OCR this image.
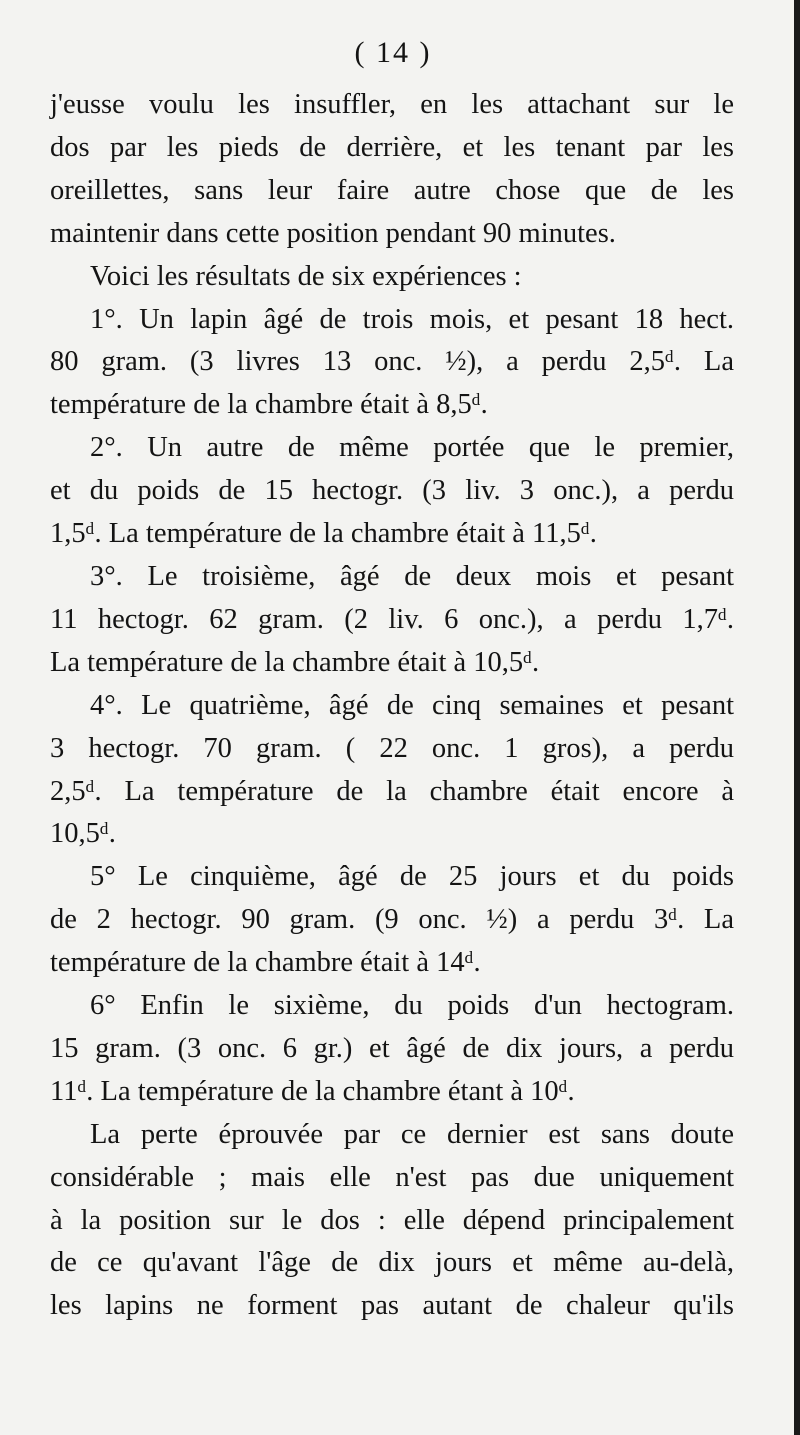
( 14 )
j'eusse voulu les insuffler, en les attachant sur le
dos par les pieds de derrière, et les tenant par les
oreillettes, sans leur faire autre chose que de les
maintenir dans cette position pendant 90 minutes.
Voici les résultats de six expériences :
1°. Un lapin âgé de trois mois, et pesant 18 hect.
80 gram. (3 livres 13 onc. ½), a perdu 2,5ᵈ. La
température de la chambre était à 8,5ᵈ.
2°. Un autre de même portée que le premier,
et du poids de 15 hectogr. (3 liv. 3 onc.), a perdu
1,5ᵈ. La température de la chambre était à 11,5ᵈ.
3°. Le troisième, âgé de deux mois et pesant
11 hectogr. 62 gram. (2 liv. 6 onc.), a perdu 1,7ᵈ.
La température de la chambre était à 10,5ᵈ.
4°. Le quatrième, âgé de cinq semaines et pesant
3 hectogr. 70 gram. ( 22 onc. 1 gros), a perdu
2,5ᵈ. La température de la chambre était encore à
10,5ᵈ.
5° Le cinquième, âgé de 25 jours et du poids
de 2 hectogr. 90 gram. (9 onc. ½) a perdu 3ᵈ. La
température de la chambre était à 14ᵈ.
6° Enfin le sixième, du poids d'un hectogram.
15 gram. (3 onc. 6 gr.) et âgé de dix jours, a perdu
11ᵈ. La température de la chambre étant à 10ᵈ.
La perte éprouvée par ce dernier est sans doute
considérable ; mais elle n'est pas due uniquement
à la position sur le dos : elle dépend principalement
de ce qu'avant l'âge de dix jours et même au-delà,
les lapins ne forment pas autant de chaleur qu'ils
